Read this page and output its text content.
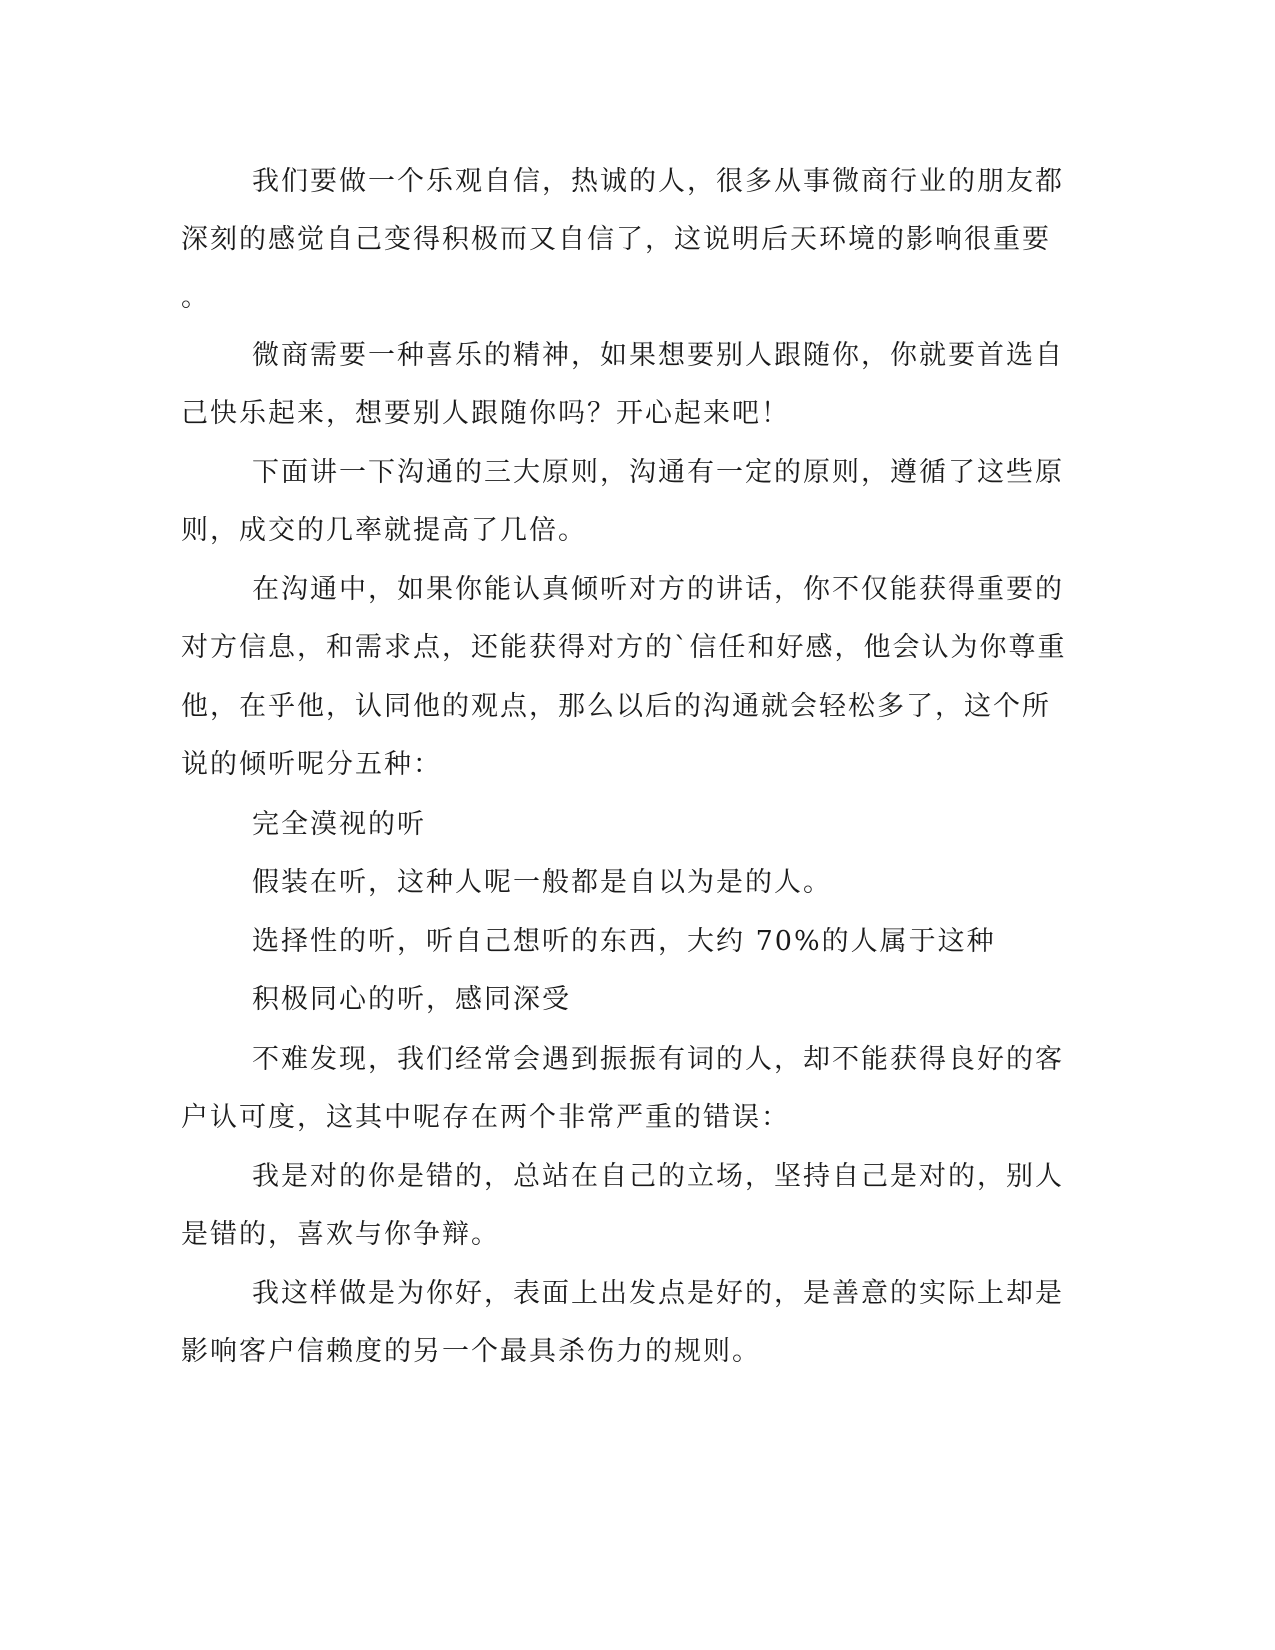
我们要做一个乐观自信，热诚的人，很多从事微商行业的朋友都
深刻的感觉自己变得积极而又自信了，这说明后天环境的影响很重要
。
微商需要一种喜乐的精神，如果想要别人跟随你，你就要首选自
己快乐起来，想要别人跟随你吗？开心起来吧！
下面讲一下沟通的三大原则，沟通有一定的原则，遵循了这些原
则，成交的几率就提高了几倍。
在沟通中，如果你能认真倾听对方的讲话，你不仅能获得重要的
对方信息，和需求点，还能获得对方的`信任和好感，他会认为你尊重
他，在乎他，认同他的观点，那么以后的沟通就会轻松多了，这个所
说的倾听呢分五种：
完全漠视的听
假装在听，这种人呢一般都是自以为是的人。
选择性的听，听自己想听的东西，大约 70%的人属于这种
积极同心的听，感同深受
不难发现，我们经常会遇到振振有词的人，却不能获得良好的客
户认可度，这其中呢存在两个非常严重的错误：
我是对的你是错的，总站在自己的立场，坚持自己是对的，别人
是错的，喜欢与你争辩。
我这样做是为你好，表面上出发点是好的，是善意的实际上却是
影响客户信赖度的另一个最具杀伤力的规则。
